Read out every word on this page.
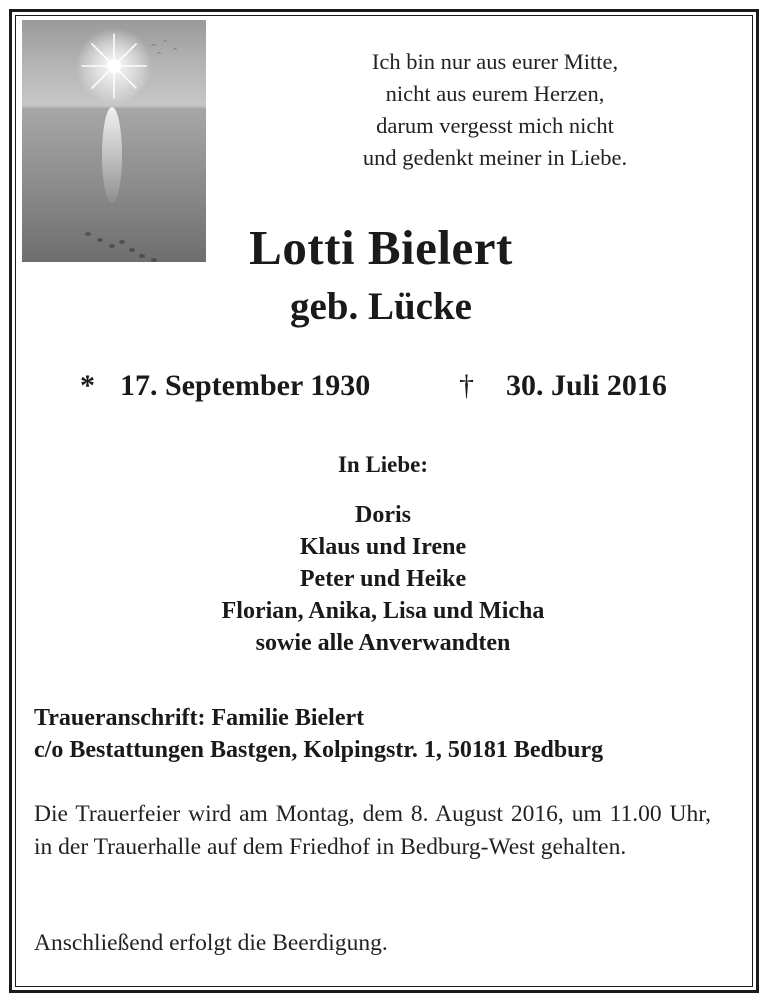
Ich bin nur aus eurer Mitte,
nicht aus eurem Herzen,
darum vergesst mich nicht
und gedenkt meiner in Liebe.
Lotti Bielert
geb. Lücke
* 17. September 1930	† 30. Juli 2016
In Liebe:
Doris
Klaus und Irene
Peter und Heike
Florian, Anika, Lisa und Micha
sowie alle Anverwandten
Traueranschrift: Familie Bielert
c/o Bestattungen Bastgen, Kolpingstr. 1, 50181 Bedburg
Die Trauerfeier wird am Montag, dem 8. August 2016, um 11.00 Uhr, in der Trauerhalle auf dem Friedhof in Bedburg-West gehalten.
Anschließend erfolgt die Beerdigung.
